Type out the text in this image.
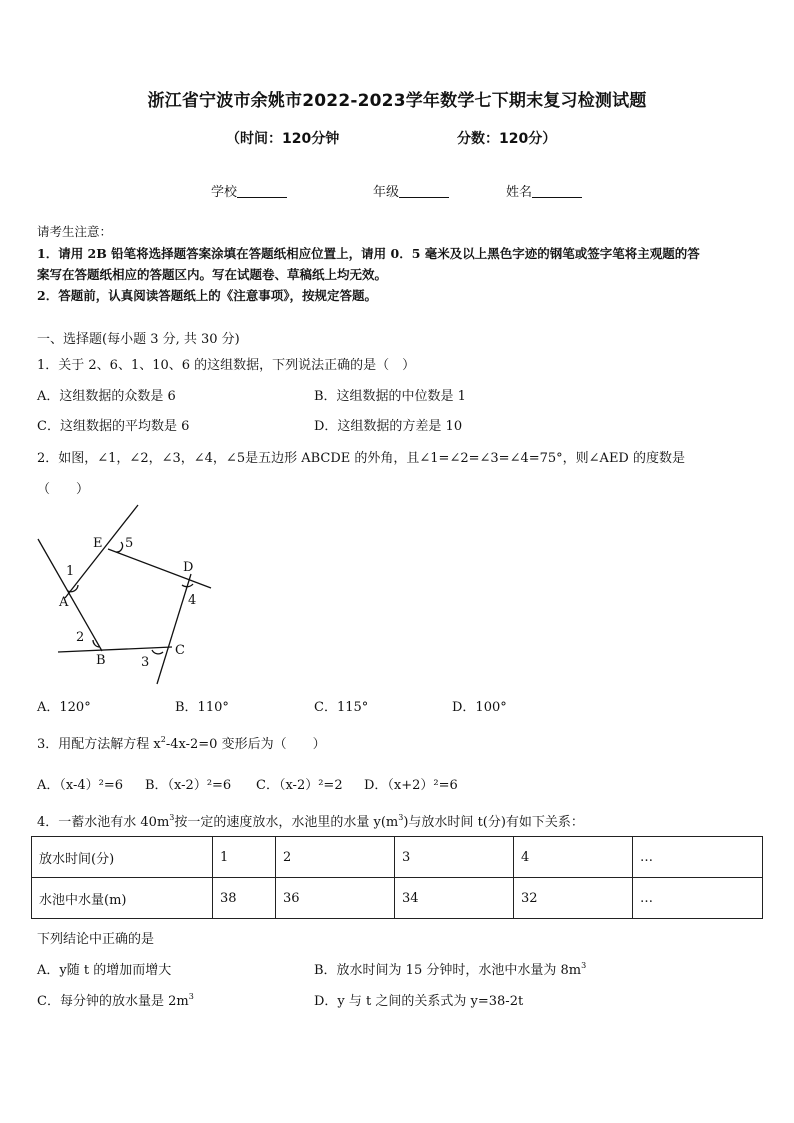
浙江省宁波市余姚市2022-2023学年数学七下期末复习检测试题
（时间：120分钟	分数：120分）
学校	年级	姓名
请考生注意：
1．请用 2B 铅笔将选择题答案涂填在答题纸相应位置上，请用 0．5 毫米及以上黑色字迹的钢笔或签字笔将主观题的答
案写在答题纸相应的答题区内。写在试题卷、草稿纸上均无效。
2．答题前，认真阅读答题纸上的《注意事项》，按规定答题。
一、选择题(每小题 3 分, 共 30 分)
1．关于 2、6、1、10、6 的这组数据，下列说法正确的是（　）
A．这组数据的众数是 6	B．这组数据的中位数是 1
C．这组数据的平均数是 6	D．这组数据的方差是 10
2．如图，∠1，∠2，∠3，∠4，∠5是五边形 ABCDE 的外角，且∠1=∠2=∠3=∠4=75°，则∠AED 的度数是
（　　）
E 5
D
4
1
A
2
B
C
3
A．120°	B．110°	C．115°	D．100°
3．用配方法解方程 $x^2-4x-2=0$ 变形后为（　　）
A．（x-4）²=6 B．（x-2）²=6 C．（x-2）²=2 D．（x+2）²=6
4．一蓄水池有水 $40m^3$按一定的速度放水，水池里的水量 $y(m^3)$与放水时间 t(分)有如下关系：
放水时间(分)	1	2	3	4	…
水池中水量(m)	38	36	34	32	…
下列结论中正确的是
A．y随 t 的增加而增大	B．放水时间为 15 分钟时，水池中水量为 $8m^3$
C．每分钟的放水量是 $2m^3$	D．y 与 t 之间的关系式为 y=38-2t
